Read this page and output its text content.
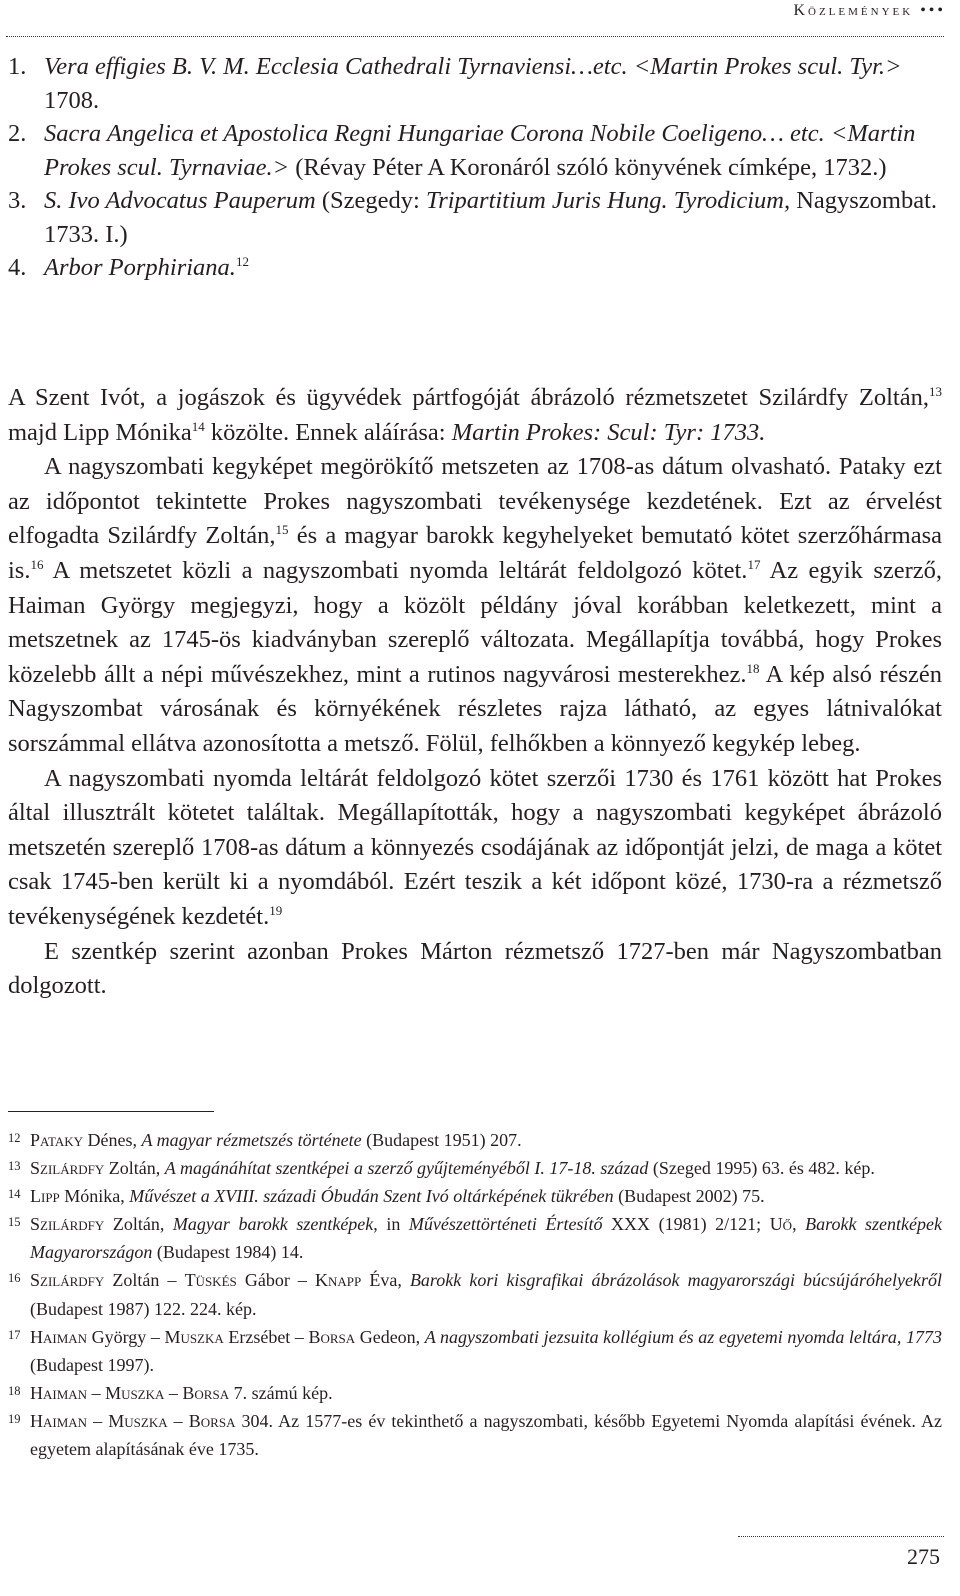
Közlemények •••
1. Vera effigies B. V. M. Ecclesia Cathedrali Tyrnaviensi…etc. <Martin Prokes scul. Tyr.> 1708.
2. Sacra Angelica et Apostolica Regni Hungariae Corona Nobile Coeligeno… etc. <Martin Prokes scul. Tyrnaviae.> (Révay Péter A Koronáról szóló könyvének címképe, 1732.)
3. S. Ivo Advocatus Pauperum (Szegedy: Tripartitium Juris Hung. Tyrodicium, Nagyszombat. 1733. I.)
4. Arbor Porphiriana.$^{12}$

A Szent Ivót, a jogászok és ügyvédek pártfogóját ábrázoló rézmetszetet Szilárdfy Zoltán,$^{13}$ majd Lipp Mónika$^{14}$ közölte. Ennek aláírása: Martin Prokes: Scul: Tyr: 1733.

A nagyszombati kegyképet megörökítő metszeten az 1708-as dátum olvasható. Pataky ezt az időpontot tekintette Prokes nagyszombati tevékenysége kezdetének. Ezt az érvelést elfogadta Szilárdfy Zoltán,$^{15}$ és a magyar barokk kegyhelyeket bemutató kötet szerzőhármasa is.$^{16}$ A metszetet közli a nagyszombati nyomda leltárát feldolgozó kötet.$^{17}$ Az egyik szerző, Haiman György megjegyzi, hogy a közölt példány jóval korábban keletkezett, mint a metszetnek az 1745-ös kiadványban szereplő változata. Megállapítja továbbá, hogy Prokes közelebb állt a népi művészekhez, mint a rutinos nagyvárosi mesterekhez.$^{18}$ A kép alsó részén Nagyszombat városának és környékének részletes rajza látható, az egyes látnivalókat sorszámmal ellátva azonosította a metsző. Fölül, felhőkben a könnyező kegykép lebeg.

A nagyszombati nyomda leltárát feldolgozó kötet szerzői 1730 és 1761 között hat Prokes által illusztrált kötetet találtak. Megállapították, hogy a nagyszombati kegyképet ábrázoló metszetén szereplő 1708-as dátum a könnyezés csodájának az időpontját jelzi, de maga a kötet csak 1745-ben került ki a nyomdából. Ezért teszik a két időpont közé, 1730-ra a rézmetsző tevékenységének kezdetét.$^{19}$

E szentkép szerint azonban Prokes Márton rézmetsző 1727-ben már Nagyszombatban dolgozott.

12 Pataky Dénes, A magyar rézmetszés története (Budapest 1951) 207.
13 Szilárdfy Zoltán, A magánáhítat szentképei a szerző gyűjteményéből I. 17-18. század (Szeged 1995) 63. és 482. kép.
14 Lipp Mónika, Művészet a XVIII. századi Óbudán Szent Ivó oltárképének tükrében (Budapest 2002) 75.
15 Szilárdfy Zoltán, Magyar barokk szentképek, in Művészettörténeti Értesítő XXX (1981) 2/121; Uő, Barokk szentképek Magyarországon (Budapest 1984) 14.
16 Szilárdfy Zoltán – Tüskés Gábor – Knapp Éva, Barokk kori kisgrafikai ábrázolások magyarországi búcsújáróhelyekről (Budapest 1987) 122. 224. kép.
17 Haiman György – Muszka Erzsébet – Borsa Gedeon, A nagyszombati jezsuita kollégium és az egyetemi nyomda leltára, 1773 (Budapest 1997).
18 Haiman – Muszka – Borsa 7. számú kép.
19 Haiman – Muszka – Borsa 304. Az 1577-es év tekinthető a nagyszombati, később Egyetemi Nyomda alapítási évének. Az egyetem alapításának éve 1735.
275
